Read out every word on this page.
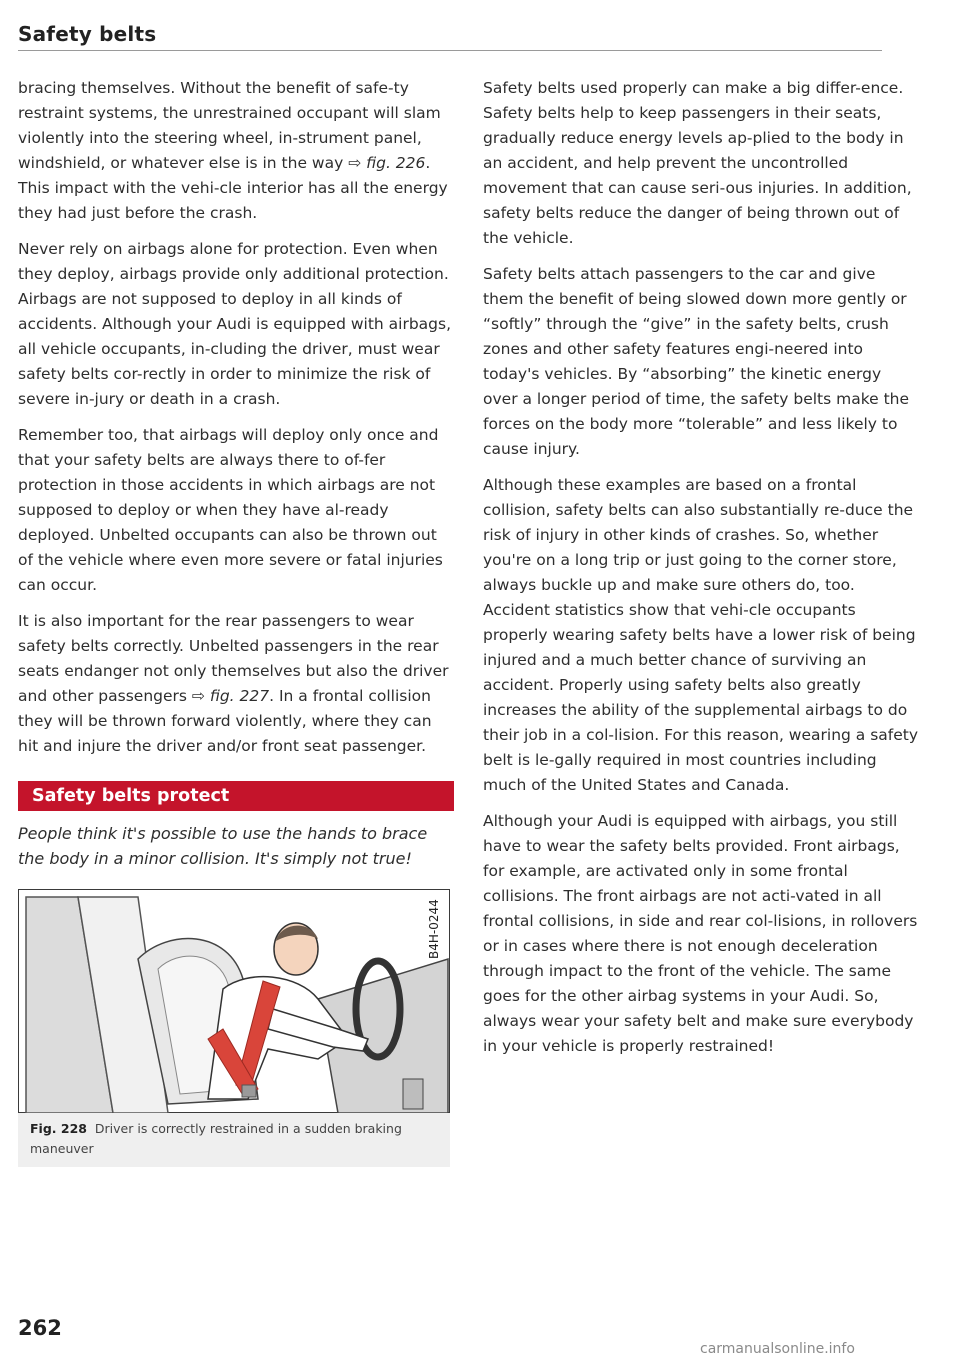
Safety belts

bracing themselves. Without the benefit of safe-ty restraint systems, the unrestrained occupant will slam violently into the steering wheel, in-strument panel, windshield, or whatever else is in the way ⇨ fig. 226. This impact with the vehi-cle interior has all the energy they had just before the crash.

Never rely on airbags alone for protection. Even when they deploy, airbags provide only additional protection. Airbags are not supposed to deploy in all kinds of accidents. Although your Audi is equipped with airbags, all vehicle occupants, in-cluding the driver, must wear safety belts cor-rectly in order to minimize the risk of severe in-jury or death in a crash.

Remember too, that airbags will deploy only once and that your safety belts are always there to of-fer protection in those accidents in which airbags are not supposed to deploy or when they have al-ready deployed. Unbelted occupants can also be thrown out of the vehicle where even more severe or fatal injuries can occur.

It is also important for the rear passengers to wear safety belts correctly. Unbelted passengers in the rear seats endanger not only themselves but also the driver and other passengers ⇨ fig. 227. In a frontal collision they will be thrown forward violently, where they can hit and injure the driver and/or front seat passenger.

Safety belts protect

People think it's possible to use the hands to brace the body in a minor collision. It's simply not true!

B4H-0244
Fig. 228 Driver is correctly restrained in a sudden braking maneuver

Safety belts used properly can make a big differ-ence. Safety belts help to keep passengers in their seats, gradually reduce energy levels ap-plied to the body in an accident, and help prevent the uncontrolled movement that can cause seri-ous injuries. In addition, safety belts reduce the danger of being thrown out of the vehicle.

Safety belts attach passengers to the car and give them the benefit of being slowed down more gently or “softly” through the “give” in the safety belts, crush zones and other safety features engi-neered into today's vehicles. By “absorbing” the kinetic energy over a longer period of time, the safety belts make the forces on the body more “tolerable” and less likely to cause injury.

Although these examples are based on a frontal collision, safety belts can also substantially re-duce the risk of injury in other kinds of crashes. So, whether you're on a long trip or just going to the corner store, always buckle up and make sure others do, too. Accident statistics show that vehi-cle occupants properly wearing safety belts have a lower risk of being injured and a much better chance of surviving an accident. Properly using safety belts also greatly increases the ability of the supplemental airbags to do their job in a col-lision. For this reason, wearing a safety belt is le-gally required in most countries including much of the United States and Canada.

Although your Audi is equipped with airbags, you still have to wear the safety belts provided. Front airbags, for example, are activated only in some frontal collisions. The front airbags are not acti-vated in all frontal collisions, in side and rear col-lisions, in rollovers or in cases where there is not enough deceleration through impact to the front of the vehicle. The same goes for the other airbag systems in your Audi. So, always wear your safety belt and make sure everybody in your vehicle is properly restrained!

262
carmanualsonline.info
